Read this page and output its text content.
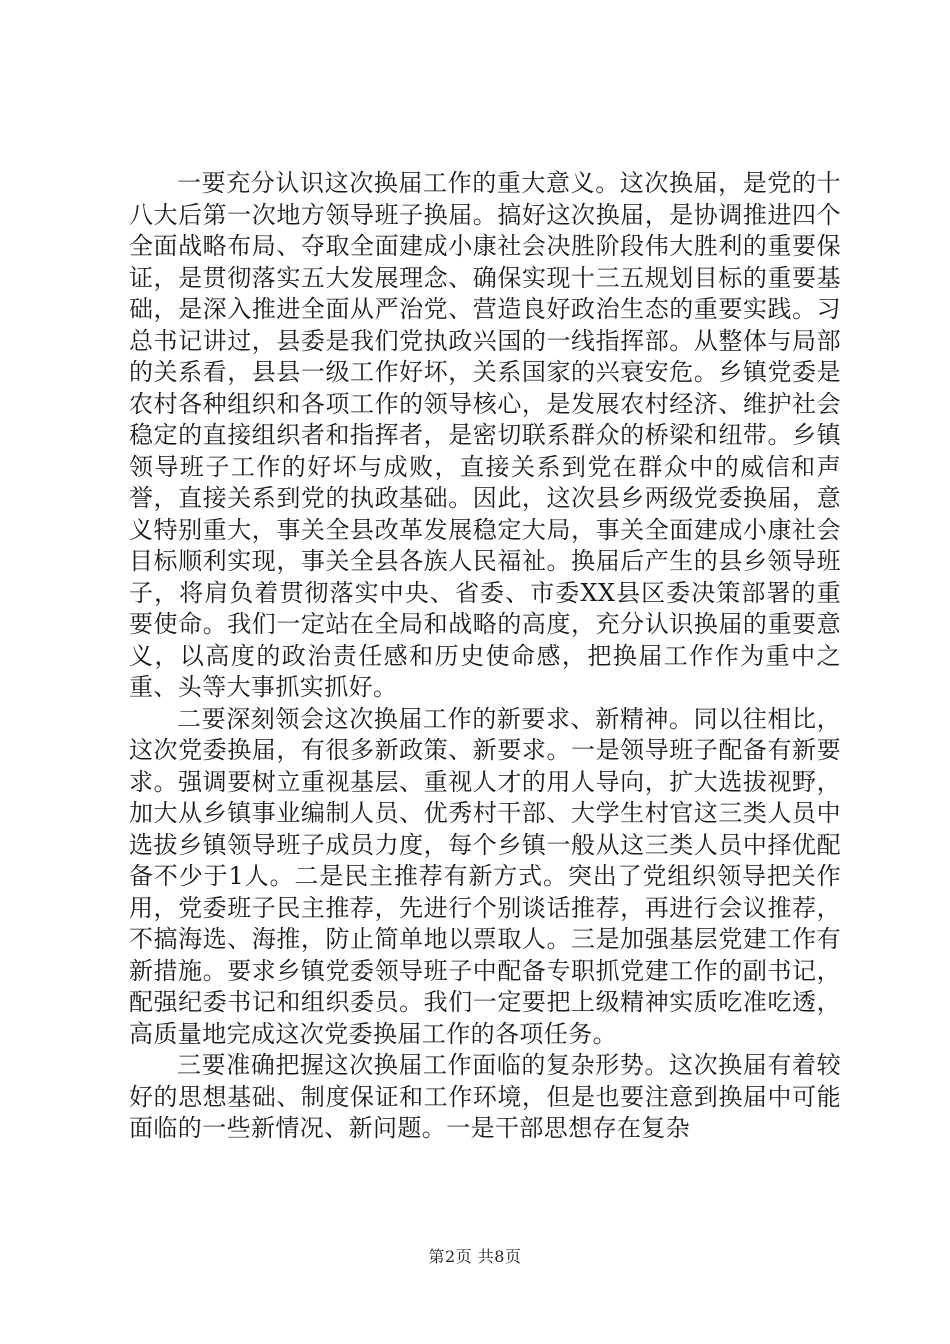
一要充分认识这次换届工作的重大意义。这次换届，是党的十八大后第一次地方领导班子换届。搞好这次换届，是协调推进四个全面战略布局、夺取全面建成小康社会决胜阶段伟大胜利的重要保证，是贯彻落实五大发展理念、确保实现十三五规划目标的重要基础，是深入推进全面从严治党、营造良好政治生态的重要实践。习总书记讲过，县委是我们党执政兴国的一线指挥部。从整体与局部的关系看，县县一级工作好坏，关系国家的兴衰安危。乡镇党委是农村各种组织和各项工作的领导核心，是发展农村经济、维护社会稳定的直接组织者和指挥者，是密切联系群众的桥梁和纽带。乡镇领导班子工作的好坏与成败，直接关系到党在群众中的威信和声誉，直接关系到党的执政基础。因此，这次县乡两级党委换届，意义特别重大，事关全县改革发展稳定大局，事关全面建成小康社会目标顺利实现，事关全县各族人民福祉。换届后产生的县乡领导班子，将肩负着贯彻落实中央、省委、市委XX县区委决策部署的重要使命。我们一定站在全局和战略的高度，充分认识换届的重要意义，以高度的政治责任感和历史使命感，把换届工作作为重中之重、头等大事抓实抓好。

二要深刻领会这次换届工作的新要求、新精神。同以往相比，这次党委换届，有很多新政策、新要求。一是领导班子配备有新要求。强调要树立重视基层、重视人才的用人导向，扩大选拔视野，加大从乡镇事业编制人员、优秀村干部、大学生村官这三类人员中选拔乡镇领导班子成员力度，每个乡镇一般从这三类人员中择优配备不少于1人。二是民主推荐有新方式。突出了党组织领导把关作用，党委班子民主推荐，先进行个别谈话推荐，再进行会议推荐，不搞海选、海推，防止简单地以票取人。三是加强基层党建工作有新措施。要求乡镇党委领导班子中配备专职抓党建工作的副书记，配强纪委书记和组织委员。我们一定要把上级精神实质吃准吃透，高质量地完成这次党委换届工作的各项任务。

三要准确把握这次换届工作面临的复杂形势。这次换届有着较好的思想基础、制度保证和工作环境，但是也要注意到换届中可能面临的一些新情况、新问题。一是干部思想存在复杂

第2页 共8页
